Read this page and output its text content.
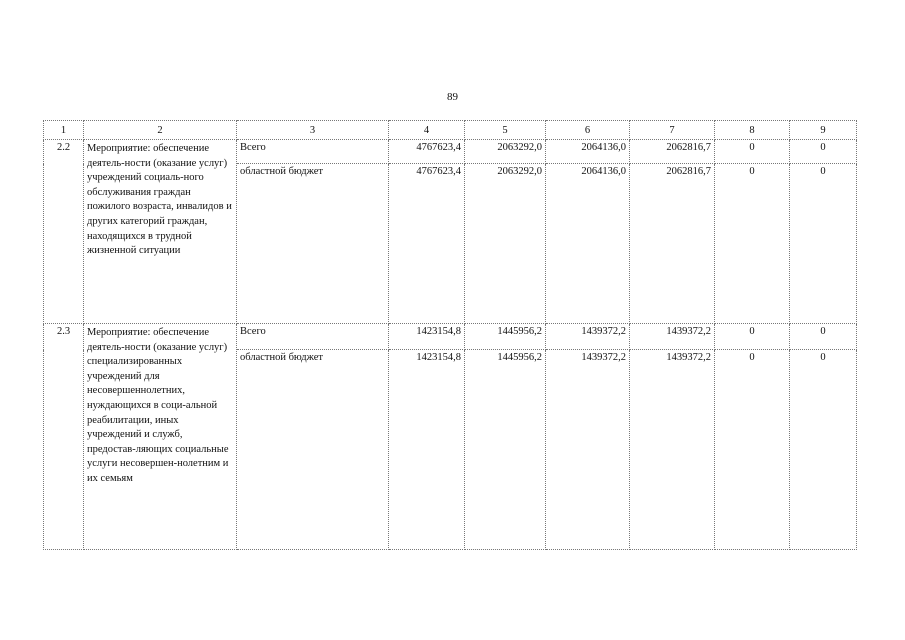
89
1	2	3	4	5	6	7	8	9
2.2	Мероприятие: обеспечение деятель-ности (оказание услуг) учреждений социаль-ного обслуживания граждан пожилого возраста, инвалидов и других категорий граждан, находящихся в трудной жизненной ситуации	Всего	4767623,4	2063292,0	2064136,0	2062816,7	0	0
		областной бюджет	4767623,4	2063292,0	2064136,0	2062816,7	0	0
2.3	Мероприятие: обеспечение деятель-ности (оказание услуг) специализированных учреждений для несовершеннолетних, нуждающихся в соци-альной реабилитации, иных учреждений и служб, предостав-ляющих социальные услуги несовершен-нолетним и их семьям	Всего	1423154,8	1445956,2	1439372,2	1439372,2	0	0
		областной бюджет	1423154,8	1445956,2	1439372,2	1439372,2	0	0
